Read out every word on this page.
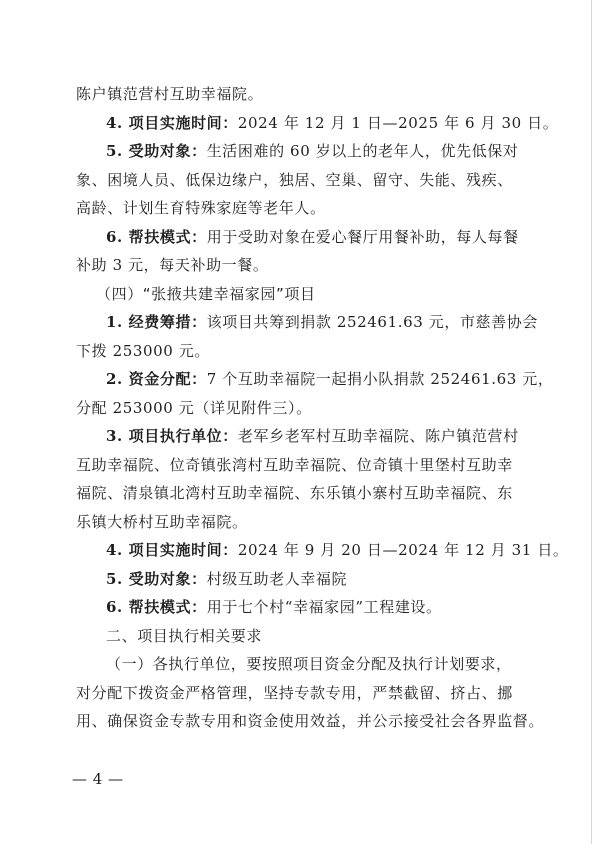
陈户镇范营村互助幸福院。
4. 项目实施时间：2024 年 12 月 1 日—2025 年 6 月 30 日。
5. 受助对象：生活困难的 60 岁以上的老年人，优先低保对
象、困境人员、低保边缘户，独居、空巢、留守、失能、残疾、
高龄、计划生育特殊家庭等老年人。
6. 帮扶模式：用于受助对象在爱心餐厅用餐补助，每人每餐
补助 3 元，每天补助一餐。
（四）“张掖共建幸福家园”项目
1. 经费筹措：该项目共筹到捐款 252461.63 元，市慈善协会
下拨 253000 元。
2. 资金分配：7 个互助幸福院一起捐小队捐款 252461.63 元，
分配 253000 元（详见附件三）。
3. 项目执行单位：老军乡老军村互助幸福院、陈户镇范营村
互助幸福院、位奇镇张湾村互助幸福院、位奇镇十里堡村互助幸
福院、清泉镇北湾村互助幸福院、东乐镇小寨村互助幸福院、东
乐镇大桥村互助幸福院。
4. 项目实施时间：2024 年 9 月 20 日—2024 年 12 月 31 日。
5. 受助对象：村级互助老人幸福院
6. 帮扶模式：用于七个村“幸福家园”工程建设。
二、项目执行相关要求
（一）各执行单位，要按照项目资金分配及执行计划要求，
对分配下拨资金严格管理，坚持专款专用，严禁截留、挤占、挪
用、确保资金专款专用和资金使用效益，并公示接受社会各界监督。
— 4 —
